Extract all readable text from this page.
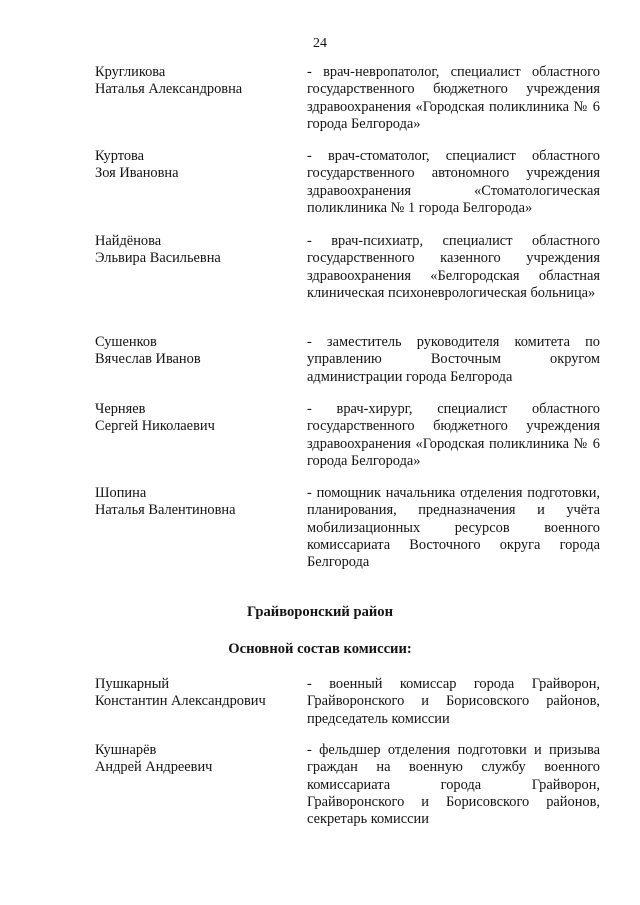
24
Кругликова
Наталья Александровна
- врач-невропатолог, специалист областного государственного бюджетного учреждения здравоохранения «Городская поликлиника № 6 города Белгорода»
Куртова
Зоя Ивановна
- врач-стоматолог, специалист областного государственного автономного учреждения здравоохранения «Стоматологическая поликлиника № 1 города Белгорода»
Найдёнова
Эльвира Васильевна
- врач-психиатр, специалист областного государственного казенного учреждения здравоохранения «Белгородская областная клиническая психоневрологическая больница»
Сушенков
Вячеслав Иванов
- заместитель руководителя комитета по управлению Восточным округом администрации города Белгорода
Черняев
Сергей Николаевич
- врач-хирург, специалист областного государственного бюджетного учреждения здравоохранения «Городская поликлиника № 6 города Белгорода»
Шопина
Наталья Валентиновна
- помощник начальника отделения подготовки, планирования, предназначения и учёта мобилизационных ресурсов военного комиссариата Восточного округа города Белгорода
Грайворонский район
Основной состав комиссии:
Пушкарный
Константин Александрович
- военный комиссар города Грайворон, Грайворонского и Борисовского районов, председатель комиссии
Кушнарёв
Андрей Андреевич
- фельдшер отделения подготовки и призыва граждан на военную службу военного комиссариата города Грайворон, Грайворонского и Борисовского районов, секретарь комиссии
